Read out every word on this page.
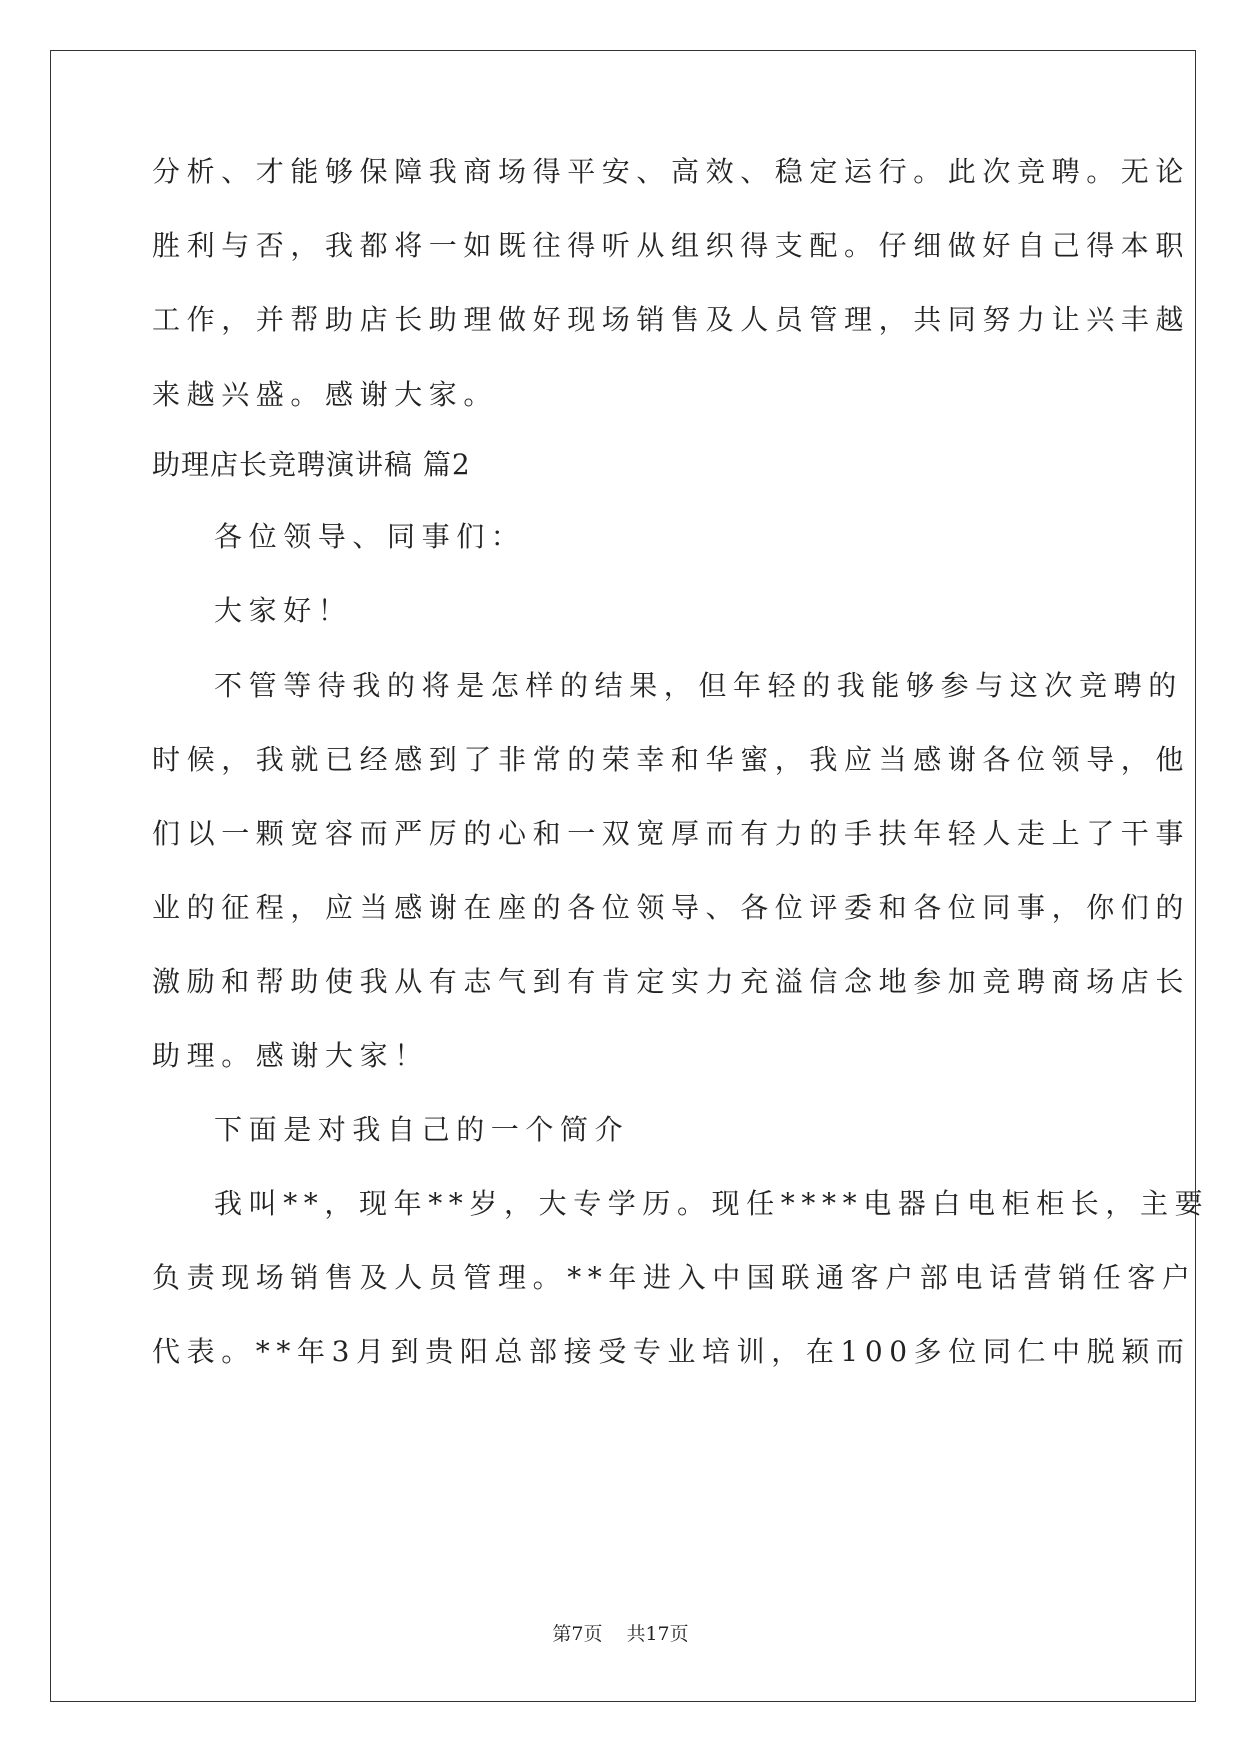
分析、才能够保障我商场得平安、高效、稳定运行。此次竞聘。无论
胜利与否，我都将一如既往得听从组织得支配。仔细做好自己得本职
工作，并帮助店长助理做好现场销售及人员管理，共同努力让兴丰越
来越兴盛。感谢大家。
助理店长竞聘演讲稿 篇2
各位领导、同事们：
大家好！
不管等待我的将是怎样的结果，但年轻的我能够参与这次竞聘的
时候，我就已经感到了非常的荣幸和华蜜，我应当感谢各位领导，他
们以一颗宽容而严厉的心和一双宽厚而有力的手扶年轻人走上了干事
业的征程，应当感谢在座的各位领导、各位评委和各位同事，你们的
激励和帮助使我从有志气到有肯定实力充溢信念地参加竞聘商场店长
助理。感谢大家！
下面是对我自己的一个简介
我叫**，现年**岁，大专学历。现任****电器白电柜柜长，主要
负责现场销售及人员管理。**年进入中国联通客户部电话营销任客户
代表。**年3月到贵阳总部接受专业培训，在100多位同仁中脱颖而
第7页 共17页
